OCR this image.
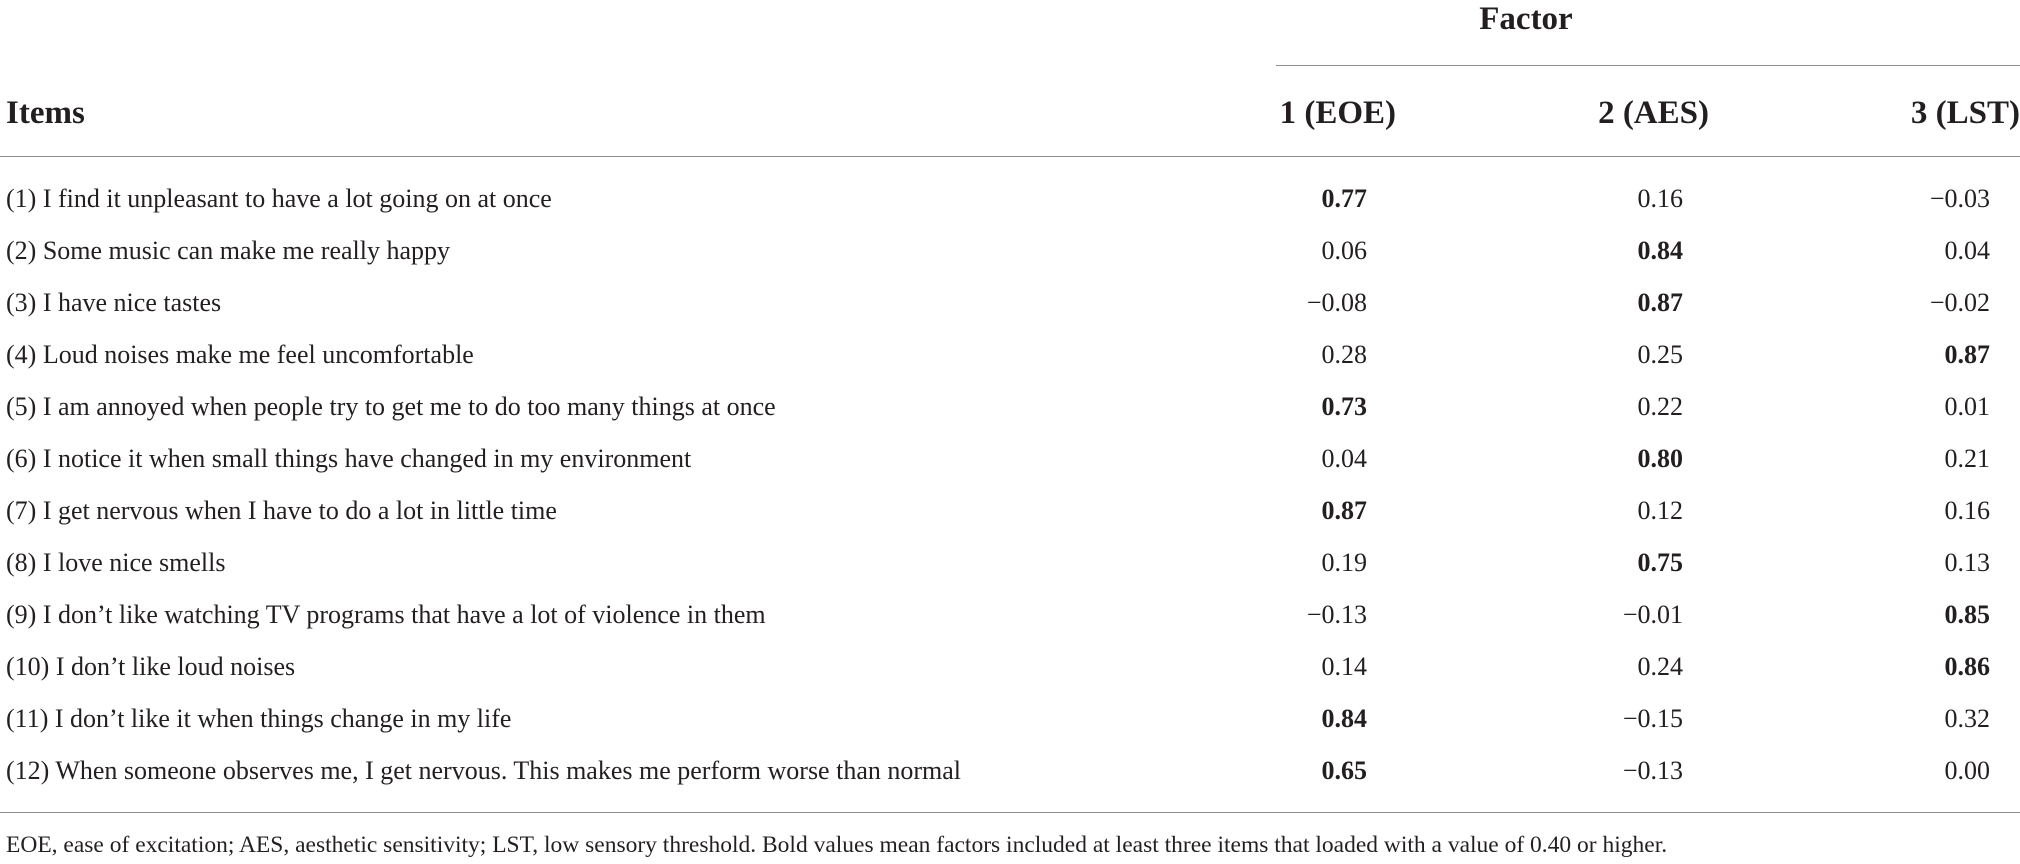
Factor
Items	1 (EOE)	2 (AES)	3 (LST)
(1) I find it unpleasant to have a lot going on at once	0.77	0.16	−0.03
(2) Some music can make me really happy	0.06	0.84	0.04
(3) I have nice tastes	−0.08	0.87	−0.02
(4) Loud noises make me feel uncomfortable	0.28	0.25	0.87
(5) I am annoyed when people try to get me to do too many things at once	0.73	0.22	0.01
(6) I notice it when small things have changed in my environment	0.04	0.80	0.21
(7) I get nervous when I have to do a lot in little time	0.87	0.12	0.16
(8) I love nice smells	0.19	0.75	0.13
(9) I don’t like watching TV programs that have a lot of violence in them	−0.13	−0.01	0.85
(10) I don’t like loud noises	0.14	0.24	0.86
(11) I don’t like it when things change in my life	0.84	−0.15	0.32
(12) When someone observes me, I get nervous. This makes me perform worse than normal	0.65	−0.13	0.00
EOE, ease of excitation; AES, aesthetic sensitivity; LST, low sensory threshold. Bold values mean factors included at least three items that loaded with a value of 0.40 or higher.
